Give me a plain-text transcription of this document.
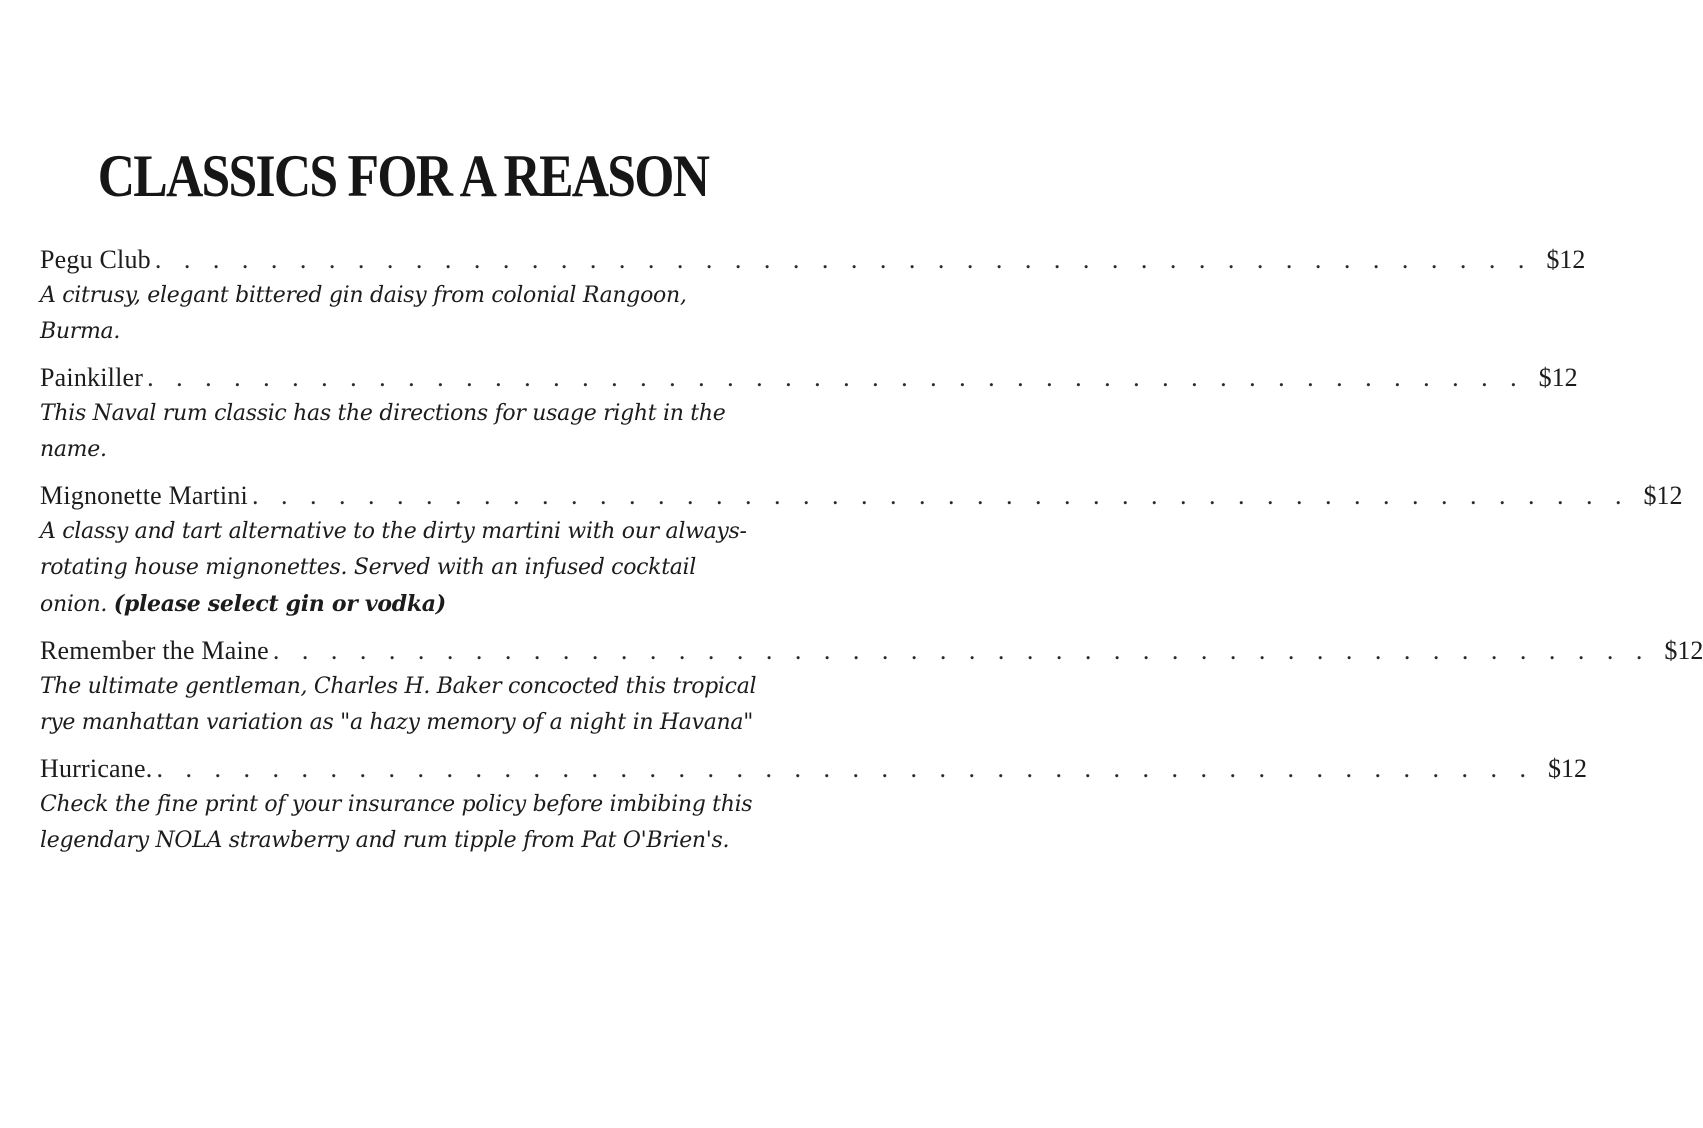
CLASSICS FOR A REASON
Pegu Club . . . . . . . . . . . . . . . . . . . . . . . . . . . . . . . . . . . . . . . . . . . . . . . . $12

A citrusy, elegant bittered gin daisy from colonial Rangoon, Burma.

Painkiller . . . . . . . . . . . . . . . . . . . . . . . . . . . . . . . . . . . . . . . . . . . . . . . . $12

This Naval rum classic has the directions for usage right in the name.

Mignonette Martini . . . . . . . . . . . . . . . . . . . . . . . . . . . . . . . . . . . . . . . . . . . . . . . . $12

A classy and tart alternative to the dirty martini with our always-rotating house mignonettes. Served with an infused cocktail onion. (please select gin or vodka)

Remember the Maine . . . . . . . . . . . . . . . . . . . . . . . . . . . . . . . . . . . . . . . . . . . . . . . . $12

The ultimate gentleman, Charles H. Baker concocted this tropical rye manhattan variation as "a hazy memory of a night in Havana"

Hurricane. . . . . . . . . . . . . . . . . . . . . . . . . . . . . . . . . . . . . . . . . . . . . . . . . $12

Check the fine print of your insurance policy before imbibing this legendary NOLA strawberry and rum tipple from Pat O'Brien's.
